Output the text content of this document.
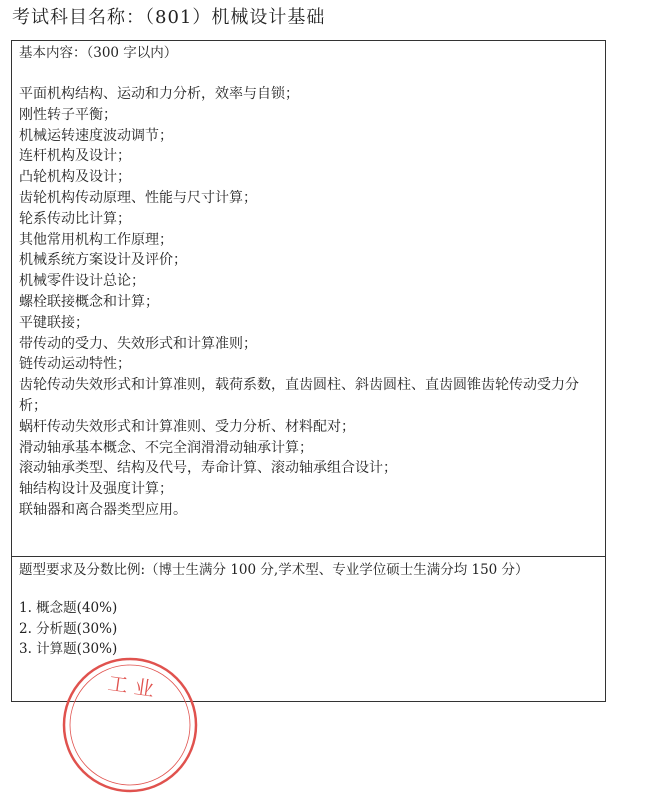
考试科目名称：（801）机械设计基础
基本内容：（300 字以内）
平面机构结构、运动和力分析，效率与自锁；
刚性转子平衡；
机械运转速度波动调节；
连杆机构及设计；
凸轮机构及设计；
齿轮机构传动原理、性能与尺寸计算；
轮系传动比计算；
其他常用机构工作原理；
机械系统方案设计及评价；
机械零件设计总论；
螺栓联接概念和计算；
平键联接；
带传动的受力、失效形式和计算准则；
链传动运动特性；
齿轮传动失效形式和计算准则，载荷系数，直齿圆柱、斜齿圆柱、直齿圆锥齿轮传动受力分析；
蜗杆传动失效形式和计算准则、受力分析、材料配对；
滑动轴承基本概念、不完全润滑滑动轴承计算；
滚动轴承类型、结构及代号，寿命计算、滚动轴承组合设计；
轴结构设计及强度计算；
联轴器和离合器类型应用。
题型要求及分数比例:（博士生满分 100 分,学术型、专业学位硕士生满分均 150 分）
1. 概念题(40%)
2. 分析题(30%)
3. 计算题(30%)
工 业
